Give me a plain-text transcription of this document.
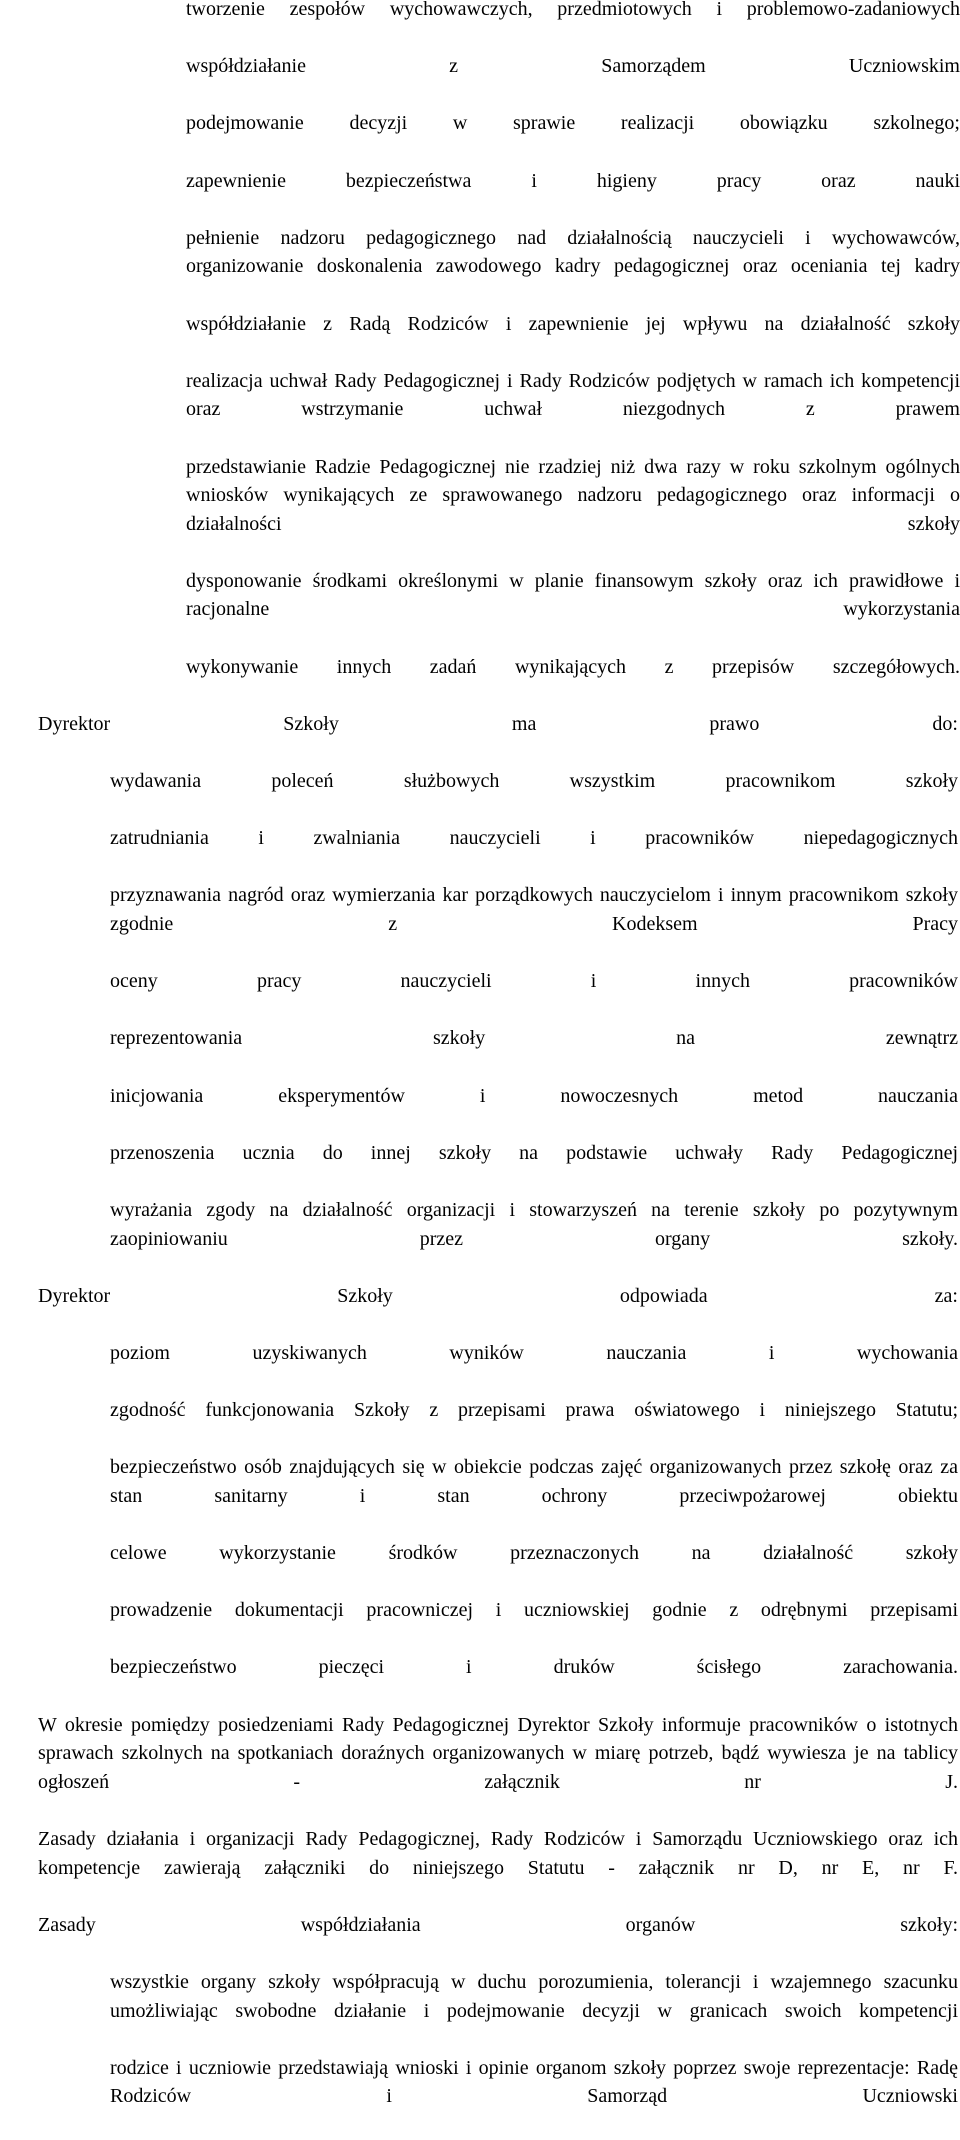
tworzenie zespołów wychowawczych, przedmiotowych i problemowo-zadaniowych
współdziałanie z Samorządem Uczniowskim
podejmowanie decyzji w sprawie realizacji obowiązku szkolnego;
zapewnienie bezpieczeństwa i higieny pracy oraz nauki
pełnienie nadzoru pedagogicznego nad działalnością nauczycieli i wychowawców, organizowanie doskonalenia zawodowego kadry pedagogicznej oraz oceniania tej kadry
współdziałanie z Radą Rodziców i zapewnienie jej wpływu na działalność szkoły
realizacja uchwał Rady Pedagogicznej i Rady Rodziców podjętych w ramach ich kompetencji oraz wstrzymanie uchwał niezgodnych z prawem
przedstawianie Radzie Pedagogicznej nie rzadziej niż dwa razy w roku szkolnym ogólnych wniosków wynikających ze sprawowanego nadzoru pedagogicznego oraz informacji o działalności szkoły
dysponowanie środkami określonymi w planie finansowym szkoły oraz ich prawidłowe i racjonalne wykorzystania
wykonywanie innych zadań wynikających z przepisów szczegółowych.
Dyrektor Szkoły ma prawo do:
wydawania poleceń służbowych wszystkim pracownikom szkoły
zatrudniania i zwalniania nauczycieli i pracowników niepedagogicznych
przyznawania nagród oraz wymierzania kar porządkowych nauczycielom i innym pracownikom szkoły zgodnie z Kodeksem Pracy
oceny pracy nauczycieli i innych pracowników
reprezentowania szkoły na zewnątrz
inicjowania eksperymentów i nowoczesnych metod nauczania
przenoszenia ucznia do innej szkoły na podstawie uchwały Rady Pedagogicznej
wyrażania zgody na działalność organizacji i stowarzyszeń na terenie szkoły po pozytywnym zaopiniowaniu przez organy szkoły.
Dyrektor Szkoły odpowiada za:
poziom uzyskiwanych wyników nauczania i wychowania
zgodność funkcjonowania Szkoły z przepisami prawa oświatowego i niniejszego Statutu;
bezpieczeństwo osób znajdujących się w obiekcie podczas zajęć organizowanych przez szkołę oraz za stan sanitarny i stan ochrony przeciwpożarowej obiektu
celowe wykorzystanie środków przeznaczonych na działalność szkoły
prowadzenie dokumentacji pracowniczej i uczniowskiej godnie z odrębnymi przepisami
bezpieczeństwo pieczęci i druków ścisłego zarachowania.
W okresie pomiędzy posiedzeniami Rady Pedagogicznej Dyrektor Szkoły informuje pracowników o istotnych sprawach szkolnych na spotkaniach doraźnych organizowanych w miarę potrzeb, bądź wywiesza je na tablicy ogłoszeń - załącznik nr J.
Zasady działania i organizacji Rady Pedagogicznej, Rady Rodziców i Samorządu Uczniowskiego oraz ich kompetencje zawierają załączniki do niniejszego Statutu - załącznik nr D, nr E, nr F.
Zasady współdziałania organów szkoły:
wszystkie organy szkoły współpracują w duchu porozumienia, tolerancji i wzajemnego szacunku umożliwiając swobodne działanie i podejmowanie decyzji w granicach swoich kompetencji
rodzice i uczniowie przedstawiają wnioski i opinie organom szkoły poprzez swoje reprezentacje: Radę Rodziców i Samorząd Uczniowski
